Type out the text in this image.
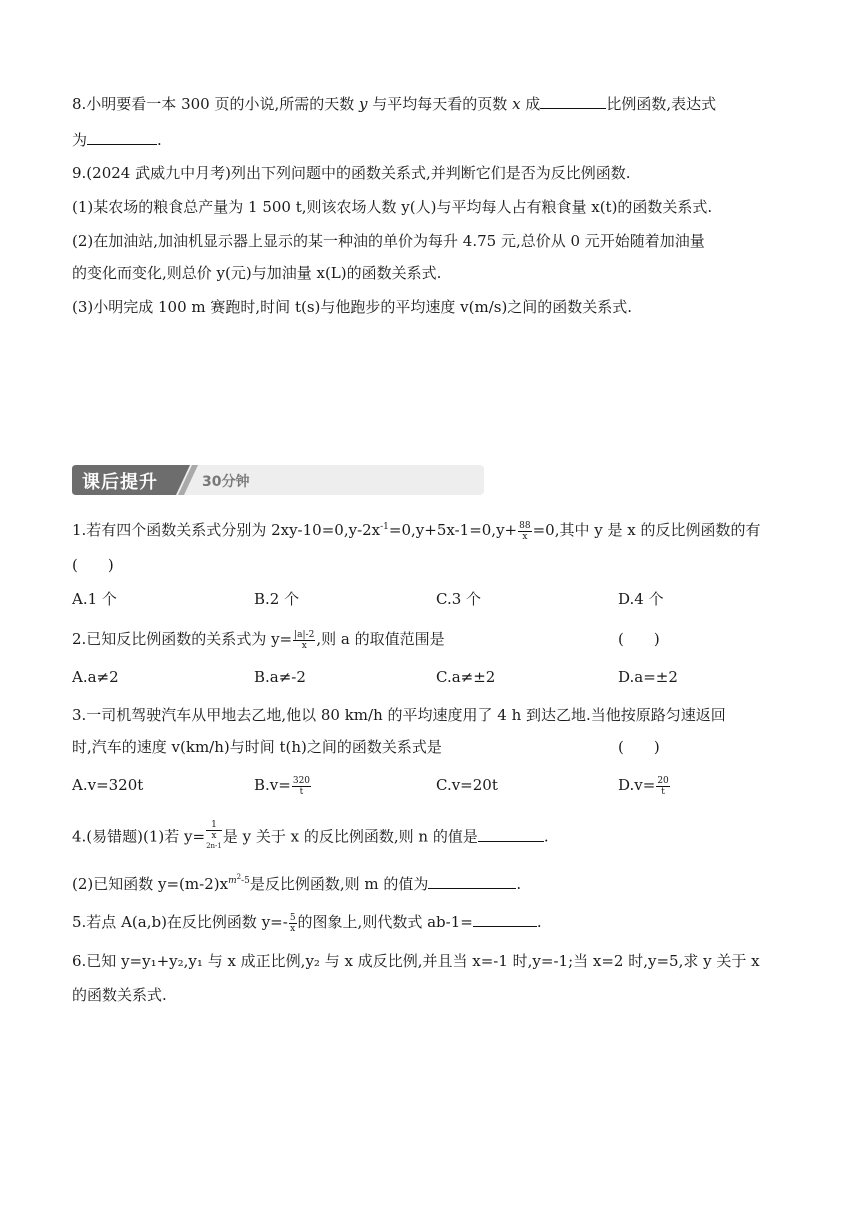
8.小明要看一本 300 页的小说,所需的天数 y 与平均每天看的页数 x 成	比例函数,表达式
为	.
9.(2024 武威九中月考)列出下列问题中的函数关系式,并判断它们是否为反比例函数.
(1)某农场的粮食总产量为 1 500 t,则该农场人数 y(人)与平均每人占有粮食量 x(t)的函数关系式.
(2)在加油站,加油机显示器上显示的某一种油的单价为每升 4.75 元,总价从 0 元开始随着加油量
的变化而变化,则总价 y(元)与加油量 x(L)的函数关系式.
(3)小明完成 100 m 赛跑时,时间 t(s)与他跑步的平均速度 v(m/s)之间的函数关系式.
课后提升	30分钟
1.若有四个函数关系式分别为 $2xy-10=0,y-2x^{-1}=0,y+5x-1=0,y+ \frac{88}{x} =0$,其中 y 是 x 的反比例函数的有
(　　)
A.1 个	B.2 个	C.3 个	D.4 个
2.已知反比例函数的关系式为 $y= \frac{|a|-2}{x}$ ,则 a 的取值范围是	(　　)
A.a≠2	B.a≠-2	C.a≠±2	D.a=±2
3.一司机驾驶汽车从甲地去乙地,他以 80 km/h 的平均速度用了 4 h 到达乙地.当他按原路匀速返回
时,汽车的速度 v(km/h)与时间 t(h)之间的函数关系式是	(　　)
A.v=320t	$B.v= \frac{320}{t}$	C.v=20t	$D.v= \frac{20}{t}$
4.(易错题)(1)若 y= 1
x
$^{2n-1}$ 是 y 关于 x 的反比例函数,则 n 的值是	.
(2)已知函数 $y=(m-2)x^{m^2-5}$是反比例函数,则 m 的值为	.
5.若点 A(a,b)在反比例函数 $y=- \frac{5}{x}$ 的图象上,则代数式 ab-1=	.
6.已知 y=y₁+y₂,y₁ 与 x 成正比例,y₂ 与 x 成反比例,并且当 x=-1 时,y=-1;当 x=2 时,y=5,求 y 关于 x
的函数关系式.
